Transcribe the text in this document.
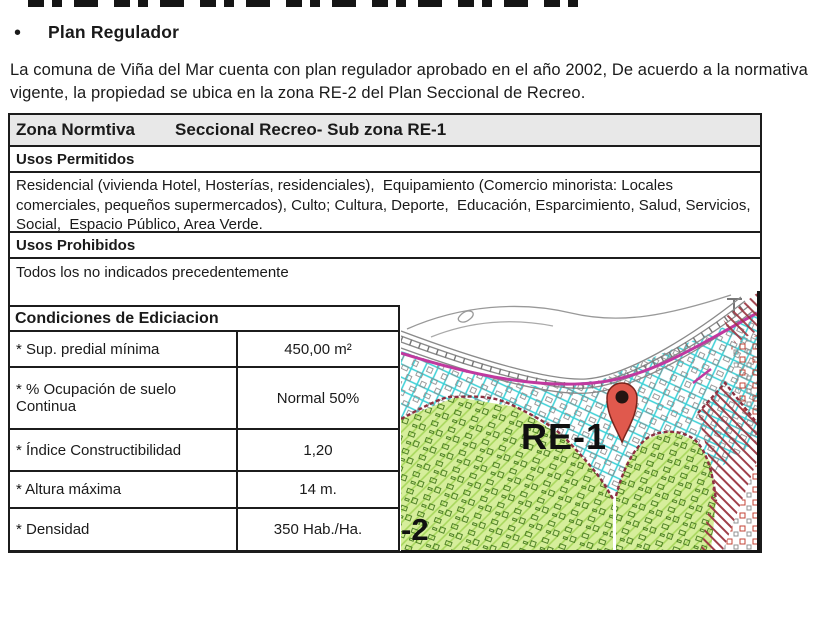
• Plan Regulador
La comuna de Viña del Mar cuenta con plan regulador aprobado en el año 2002, De acuerdo a la normativa vigente, la propiedad se ubica en la zona RE-2 del Plan Seccional de Recreo.
Zona Normtiva Seccional Recreo- Sub zona RE-1
Usos Permitidos
Residencial (vivienda Hotel, Hosterías, residenciales),  Equipamiento (Comercio minorista: Locales comerciales, pequeños supermercados), Culto; Cultura, Deporte,  Educación, Esparcimiento, Salud, Servicios, Social,  Espacio Público, Area Verde.
Usos Prohibidos
Todos los no indicados precedentemente
Condiciones de Ediciacion
* Sup. predial mínima	450,00 m²
* % Ocupación de suelo Continua	Normal 50%
* Índice Constructibilidad	1,20
* Altura máxima	14 m.
* Densidad	350 Hab./Ha.
RE-1
-2
